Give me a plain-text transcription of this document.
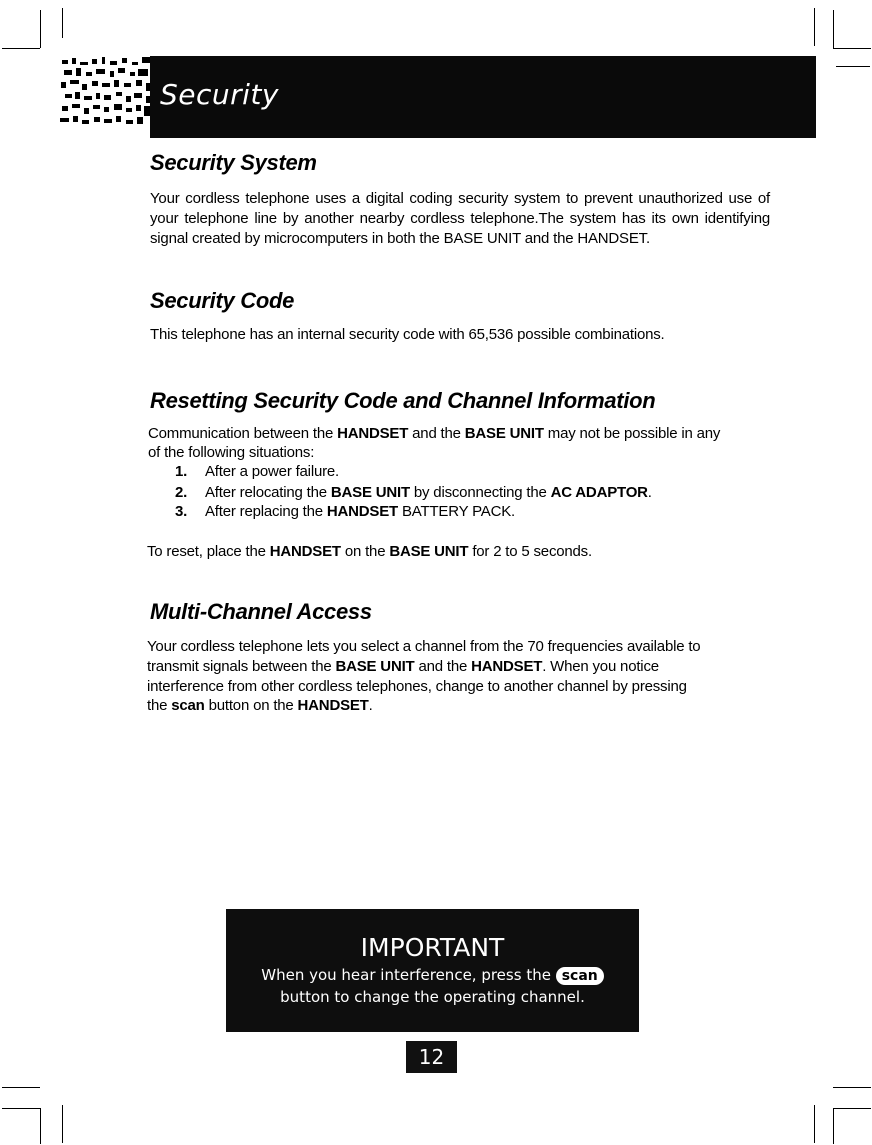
Security
Security System
Your cordless telephone uses a digital coding security system to prevent unauthorized use of your telephone line by another nearby cordless telephone.The system has its own identifying signal created by microcomputers in both the BASE UNIT and the HANDSET.
Security Code
This telephone has an internal security code with 65,536 possible combinations.
Resetting Security Code and Channel Information
Communication between the HANDSET and the BASE UNIT may not be possible in any
of the following situations:
1. After a power failure.
2. After relocating the BASE UNIT by disconnecting the AC ADAPTOR.
3. After replacing the HANDSET BATTERY PACK.
To reset, place the HANDSET on the BASE UNIT for 2 to 5 seconds.
Multi-Channel Access
Your cordless telephone lets you select a channel from the 70 frequencies available to
transmit signals between the BASE UNIT and the HANDSET. When you notice
interference from other cordless telephones, change to another channel by pressing
the scan button on the HANDSET.
IMPORTANT
When you hear interference, press the scan
button to change the operating channel.
12
